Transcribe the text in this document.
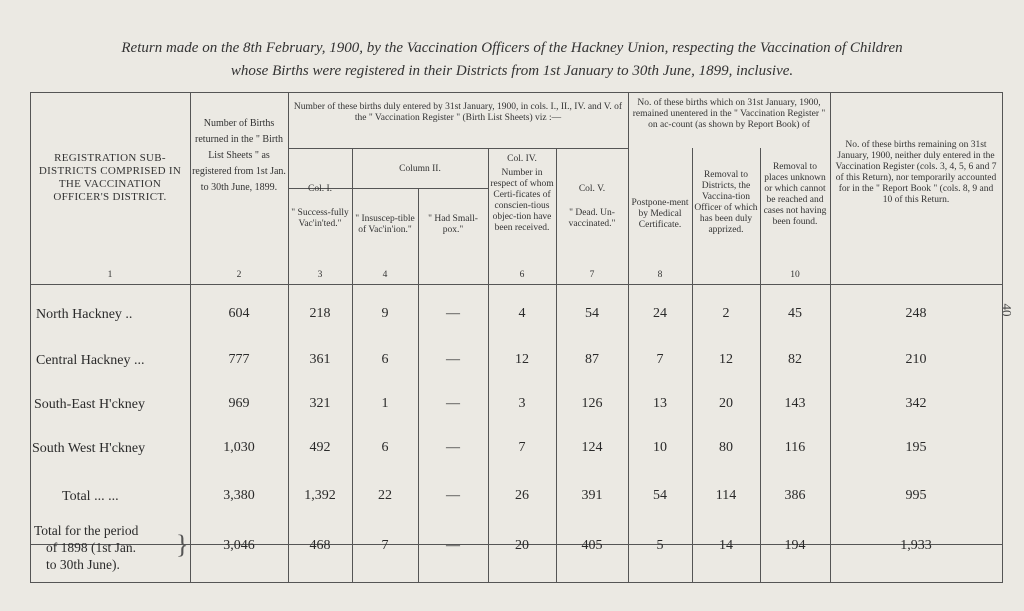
Return made on the 8th February, 1900, by the Vaccination Officers of the Hackney Union, respecting the Vaccination of Children
whose Births were registered in their Districts from 1st January to 30th June, 1899, inclusive.
40
REGISTRATION SUB-DISTRICTS COMPRISED IN THE VACCINATION OFFICER'S DISTRICT.
Number of Births returned in the " Birth List Sheets " as registered from 1st Jan. to 30th June, 1899.
Number of these births duly entered by 31st January, 1900, in cols. I., II., IV. and V. of the " Vaccination Register " (Birth List Sheets) viz :—
Col. I.
" Success-fully Vac'in'ted."
Column II.
" Insuscep-tible of Vac'in'ion."
" Had Small-pox."
Col. IV.
Number in respect of whom Certi-ficates of conscien-tious objec-tion have been received.
Col. V.
" Dead. Un-vaccinated."
No. of these births which on 31st January, 1900, remained unentered in the " Vaccination Register " on ac-count (as shown by Report Book) of
Postpone-ment by Medical Certificate.
Removal to Districts, the Vaccina-tion Officer of which has been duly apprized.
Removal to places unknown or which cannot be reached and cases not having been found.
No. of these births remaining on 31st January, 1900, neither duly entered in the Vaccination Register (cols. 3, 4, 5, 6 and 7 of this Return), nor temporarily accounted for in the " Report Book " (cols. 8, 9 and 10 of this Return.
1	2	3	4	6	7	8	10
North Hackney ..	604	218	9	—	4	54	24	2	45	248
Central Hackney ...	777	361	6	—	12	87	7	12	82	210
South-East H'ckney	969	321	1	—	3	126	13	20	143	342
South West H'ckney	1,030	492	6	—	7	124	10	80	116	195
Total ... ...	3,380	1,392	22	—	26	391	54	114	386	995
Total for the period
of 1898 (1st Jan.
to 30th June).
}	3,046	468	7	—	20	405	5	14	194	1,933
